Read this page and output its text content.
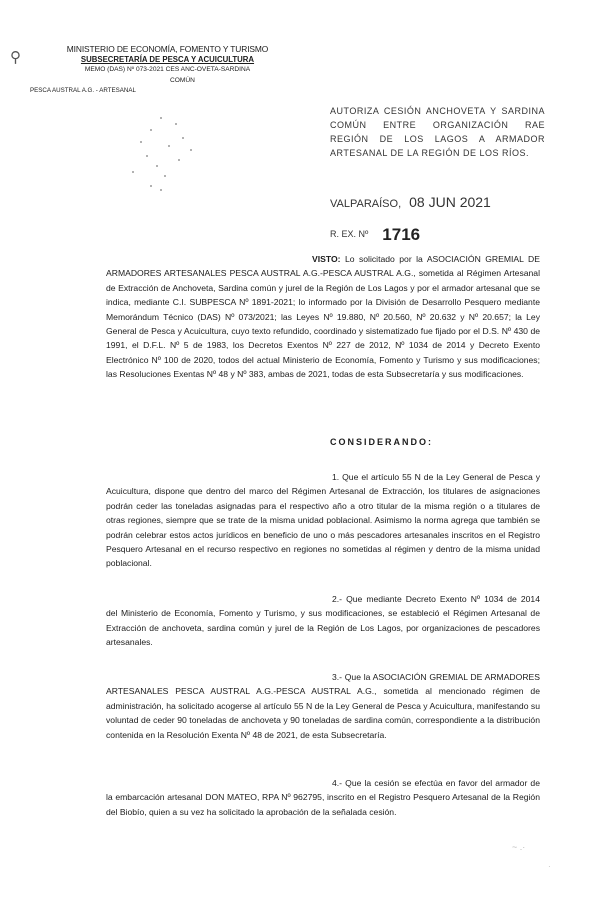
⚲	MINISTERIO DE ECONOMÍA, FOMENTO Y TURISMO
SUBSECRETARÍA DE PESCA Y ACUICULTURA
MEMO (DAS) Nº 073-2021 CES ANC-OVETA-SARDINA
COMÚN
PESCA AUSTRAL A.G. - ARTESANAL
AUTORIZA CESIÓN ANCHOVETA Y SARDINA COMÚN ENTRE ORGANIZACIÓN RAE REGIÓN DE LOS LAGOS A ARMADOR ARTESANAL DE LA REGIÓN DE LOS RÍOS.
VALPARAÍSO, 08 JUN 2021
R. EX. Nº 1716
VISTO: Lo solicitado por la ASOCIACIÓN GREMIAL DE ARMADORES ARTESANALES PESCA AUSTRAL A.G.-PESCA AUSTRAL A.G., sometida al Régimen Artesanal de Extracción de Anchoveta, Sardina común y jurel de la Región de Los Lagos y por el armador artesanal que se indica, mediante C.I. SUBPESCA Nº 1891-2021; lo informado por la División de Desarrollo Pesquero mediante Memorándum Técnico (DAS) Nº 073/2021; las Leyes Nº 19.880, Nº 20.560, Nº 20.632 y Nº 20.657; la Ley General de Pesca y Acuicultura, cuyo texto refundido, coordinado y sistematizado fue fijado por el D.S. Nº 430 de 1991, el D.F.L. Nº 5 de 1983, los Decretos Exentos Nº 227 de 2012, Nº 1034 de 2014 y Decreto Exento Electrónico Nº 100 de 2020, todos del actual Ministerio de Economía, Fomento y Turismo y sus modificaciones; las Resoluciones Exentas Nº 48 y Nº 383, ambas de 2021, todas de esta Subsecretaría y sus modificaciones.
CONSIDERANDO:
1. Que el artículo 55 N de la Ley General de Pesca y Acuicultura, dispone que dentro del marco del Régimen Artesanal de Extracción, los titulares de asignaciones podrán ceder las toneladas asignadas para el respectivo año a otro titular de la misma región o a titulares de otras regiones, siempre que se trate de la misma unidad poblacional. Asimismo la norma agrega que también se podrán celebrar estos actos jurídicos en beneficio de uno o más pescadores artesanales inscritos en el Registro Pesquero Artesanal en el recurso respectivo en regiones no sometidas al régimen y dentro de la misma unidad poblacional.
2.- Que mediante Decreto Exento Nº 1034 de 2014 del Ministerio de Economía, Fomento y Turismo, y sus modificaciones, se estableció el Régimen Artesanal de Extracción de anchoveta, sardina común y jurel de la Región de Los Lagos, por organizaciones de pescadores artesanales.
3.- Que la ASOCIACIÓN GREMIAL DE ARMADORES ARTESANALES PESCA AUSTRAL A.G.-PESCA AUSTRAL A.G., sometida al mencionado régimen de administración, ha solicitado acogerse al artículo 55 N de la Ley General de Pesca y Acuicultura, manifestando su voluntad de ceder 90 toneladas de anchoveta y 90 toneladas de sardina común, correspondiente a la distribución contenida en la Resolución Exenta Nº 48 de 2021, de esta Subsecretaría.
4.- Que la cesión se efectúa en favor del armador de la embarcación artesanal DON MATEO, RPA Nº 962795, inscrito en el Registro Pesquero Artesanal de la Región del Biobío, quien a su vez ha solicitado la aprobación de la señalada cesión.
~ .·
·
